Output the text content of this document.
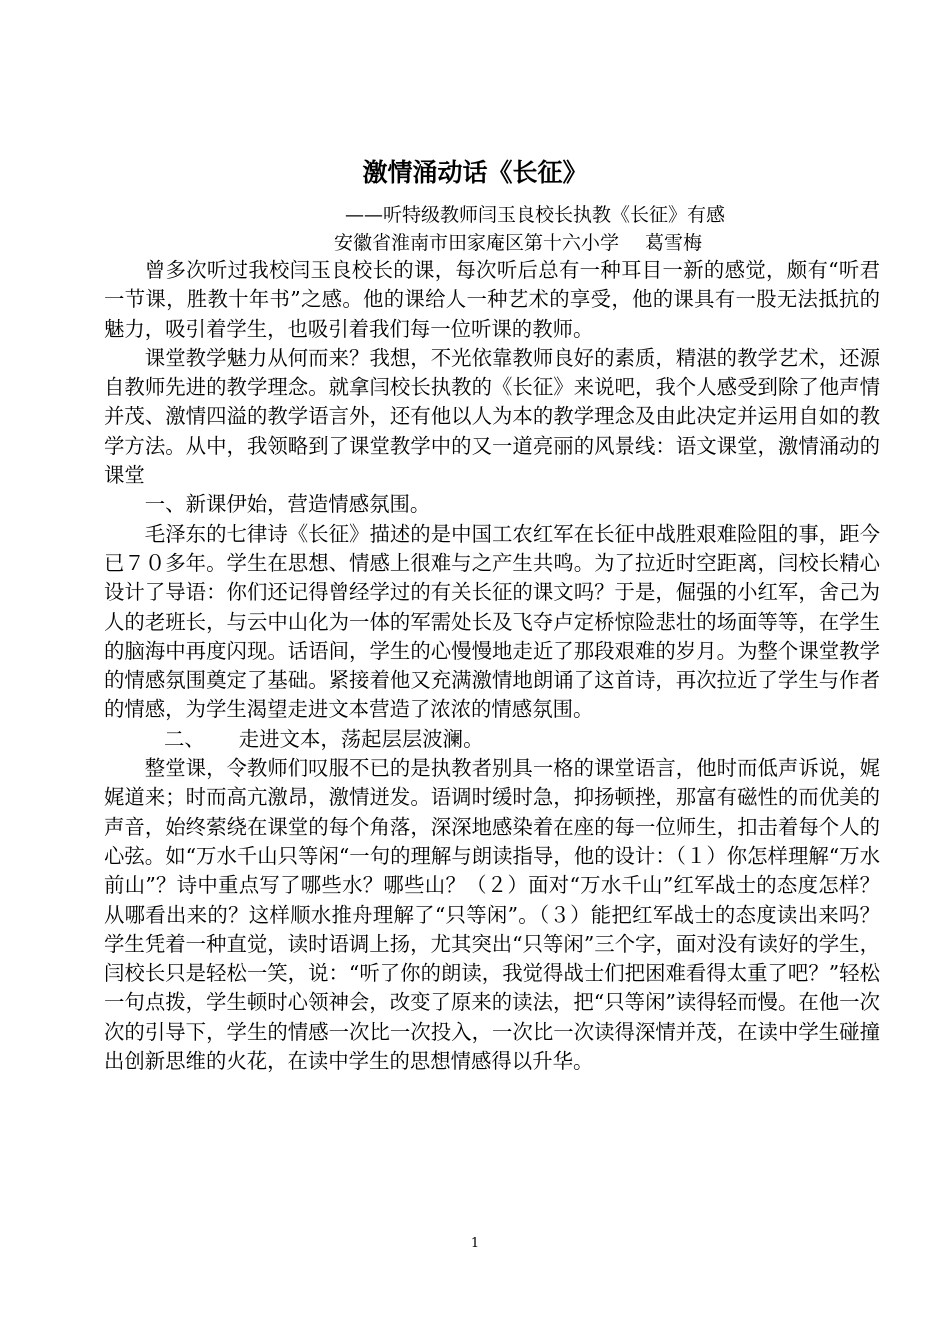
激情涌动话《长征》
——听特级教师闫玉良校长执教《长征》有感
安徽省淮南市田家庵区第十六小学 葛雪梅

曾多次听过我校闫玉良校长的课，每次听后总有一种耳目一新的感觉，颇有“听君一节课，胜教十年书”之感。他的课给人一种艺术的享受，他的课具有一股无法抵抗的魅力，吸引着学生，也吸引着我们每一位听课的教师。

课堂教学魅力从何而来？我想，不光依靠教师良好的素质，精湛的教学艺术，还源自教师先进的教学理念。就拿闫校长执教的《长征》来说吧，我个人感受到除了他声情并茂、激情四溢的教学语言外，还有他以人为本的教学理念及由此决定并运用自如的教学方法。从中，我领略到了课堂教学中的又一道亮丽的风景线：语文课堂，激情涌动的课堂

一、新课伊始，营造情感氛围。

毛泽东的七律诗《长征》描述的是中国工农红军在长征中战胜艰难险阻的事，距今已７０多年。学生在思想、情感上很难与之产生共鸣。为了拉近时空距离，闫校长精心设计了导语：你们还记得曾经学过的有关长征的课文吗？于是，倔强的小红军，舍己为人的老班长，与云中山化为一体的军需处长及飞夺卢定桥惊险悲壮的场面等等，在学生的脑海中再度闪现。话语间，学生的心慢慢地走近了那段艰难的岁月。为整个课堂教学的情感氛围奠定了基础。紧接着他又充满激情地朗诵了这首诗，再次拉近了学生与作者的情感，为学生渴望走进文本营造了浓浓的情感氛围。

二、 走进文本，荡起层层波澜。

整堂课，令教师们叹服不已的是执教者别具一格的课堂语言，他时而低声诉说，娓娓道来；时而高亢激昂，激情迸发。语调时缓时急，抑扬顿挫，那富有磁性的而优美的声音，始终萦绕在课堂的每个角落，深深地感染着在座的每一位师生，扣击着每个人的心弦。如“万水千山只等闲“一句的理解与朗读指导，他的设计：（１）你怎样理解“万水前山”？诗中重点写了哪些水？哪些山？（２）面对“万水千山”红军战士的态度怎样？从哪看出来的？这样顺水推舟理解了“只等闲”。（３）能把红军战士的态度读出来吗？学生凭着一种直觉，读时语调上扬，尤其突出“只等闲”三个字，面对没有读好的学生，闫校长只是轻松一笑，说：“听了你的朗读，我觉得战士们把困难看得太重了吧？”轻松一句点拨，学生顿时心领神会，改变了原来的读法，把“只等闲”读得轻而慢。在他一次次的引导下，学生的情感一次比一次投入，一次比一次读得深情并茂，在读中学生碰撞出创新思维的火花，在读中学生的思想情感得以升华。

1
